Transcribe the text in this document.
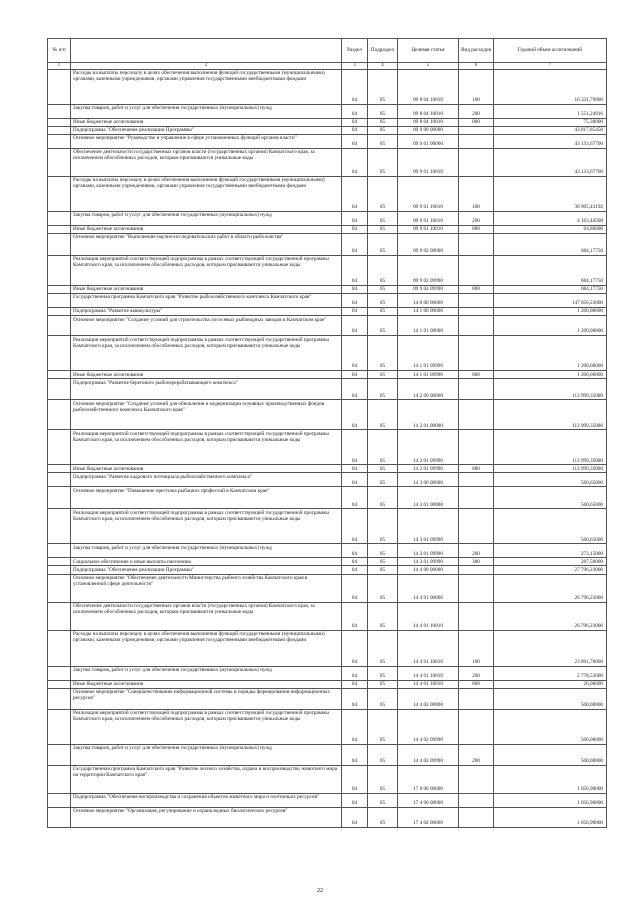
№ п/п		Раздел	Подраздел	Целевая статья	Вид расходов	Годовой объем ассигнований
1	2	3	4	5	6	7
	Расходы на выплаты персоналу в целях обеспечения выполнения функций государственными (муниципальными) органами, казенными учреждениями, органами управления государственными внебюджетными фондами	04	05	09 8 04 10010	100	16 331,79000
	Закупка товаров, работ и услуг для обеспечения государственных (муниципальных) нужд	04	05	09 8 04 10010	200	1 551,24916
	Иные бюджетные ассигнования	04	05	09 8 04 10010	800	75,30000
	Подпрограмма "Обеспечение реализации Программы"	04	05	09 9 00 00000		43 817,85450
	Основное мероприятие "Руководство и управление в сфере установленных функций органов власти"	04	05	09 9 01 00000		43 133,67700
	Обеспечение деятельности государственных органов власти (государственных органов) Камчатского края, за исключением обособленных расходов, которым присваиваются уникальные коды	04	05	09 9 01 10010		43 133,67700
	Расходы на выплаты персоналу в целях обеспечения выполнения функций государственными (муниципальными) органами, казенными учреждениями, органами управления государственными внебюджетными фондами	04	05	09 9 01 10010	100	38 905,43192
	Закупка товаров, работ и услуг для обеспечения государственных (муниципальных) нужд	04	05	09 9 01 10010	200	4 163,44508
	Иные бюджетные ассигнования	04	05	09 9 01 10010	800	64,80000
	Основное мероприятие "Выполнение научно-исследовательских работ в области рыболовства"	04	05	09 9 02 00000		684,17750
	Реализация мероприятий соответствующей подпрограммы в рамках соответствующей государственной программы Камчатского края, за исключением обособленных расходов, которым присваиваются уникальные коды	04	05	09 9 02 09990		684,17750
	Иные бюджетные ассигнования	04	05	09 9 02 09990	800	684,17750
	Государственная программа Камчатского края "Развитие рыбохозяйственного комплекса Камчатского края"	04	05	14 0 00 00000		147 056,23000
	Подпрограмма "Развитие аквакультуры"	04	05	14 1 00 00000		1 200,00000
	Основное мероприятие "Создание условий для строительства лососевых рыбоводных заводов в Камчатском крае"	04	05	14 1 01 00000		1 200,00000
	Реализация мероприятий соответствующей подпрограммы в рамках соответствующей государственной программы Камчатского края, за исключением обособленных расходов, которым присваиваются уникальные коды	04	05	14 1 01 09990		1 200,00000
	Иные бюджетные ассигнования	04	05	14 1 01 09990	800	1 200,00000
	Подпрограмма "Развитие берегового рыбоперерабатывающего комплекса"	04	05	14 2 00 00000		113 999,35000
	Основное мероприятие "Создание условий для обновления и модернизации основных производственных фондов рыбохозяйственного комплекса Камчатского края"	04	05	14 2 01 00000		113 999,35000
	Реализация мероприятий соответствующей подпрограммы в рамках соответствующей государственной программы Камчатского края, за исключением обособленных расходов, которым присваиваются уникальные коды	04	05	14 2 01 09990		113 999,35000
	Иные бюджетные ассигнования	04	05	14 2 01 09990	800	113 999,35000
	Подпрограмма "Развитие кадрового потенциала рыбохозяйственного комплекса"	04	05	14 3 00 00000		560,65000
	Основное мероприятие "Повышение престижа рыбацких профессий в Камчатском крае"	04	05	14 3 01 00000		560,65000
	Реализация мероприятий соответствующей подпрограммы в рамках соответствующей государственной программы Камчатского края, за исключением обособленных расходов, которым присваиваются уникальные коды	04	05	14 3 01 09990		560,65000
	Закупка товаров, работ и услуг для обеспечения государственных (муниципальных) нужд	04	05	14 3 01 09990	200	273,15000
	Социальное обеспечение и иные выплаты населению	04	05	14 3 01 09990	300	287,50000
	Подпрограмма "Обеспечение реализации Программы"	04	05	14 4 00 00000		27 796,23000
	Основное мероприятие "Обеспечение деятельности Министерства рыбного хозяйства Камчатского края в установленной сфере деятельности"	04	05	14 4 01 00000		26 796,23000
	Обеспечение деятельности государственных органов власти (государственных органов) Камчатского края, за исключением обособленных расходов, которым присваиваются уникальные коды	04	05	14 4 01 10010		26 796,23000
	Расходы на выплаты персоналу в целях обеспечения выполнения функций государственными (муниципальными) органами, казенными учреждениями, органами управления государственными внебюджетными фондами	04	05	14 4 01 10010	100	23 891,70000
	Закупка товаров, работ и услуг для обеспечения государственных (муниципальных) нужд	04	05	14 4 01 10010	200	2 778,53000
	Иные бюджетные ассигнования	04	05	14 4 01 10010	800	26,00000
	Основное мероприятие "Совершенствование информационной системы и порядка формирования информационных ресурсов"	04	05	14 4 02 00000		500,00000
	Реализация мероприятий соответствующей подпрограммы в рамках соответствующей государственной программы Камчатского края, за исключением обособленных расходов, которым присваиваются уникальные коды	04	05	14 4 02 09990		500,00000
	Закупка товаров, работ и услуг для обеспечения государственных (муниципальных) нужд	04	05	14 4 02 09990	200	500,00000
	Государственная программа Камчатского края "Развитие лесного хозяйства, охрана и воспроизводство животного мира на территории Камчатского края"	04	05	17 0 00 00000		1 056,90000
	Подпрограмма "Обеспечение воспроизводства и сохранения объектов животного мира и охотничьих ресурсов"	04	05	17 4 00 00000		1 056,90000
	Основное мероприятие "Организация, регулирование и охрана водных биологических ресурсов"	04	05	17 4 04 00000		1 056,90000
22
